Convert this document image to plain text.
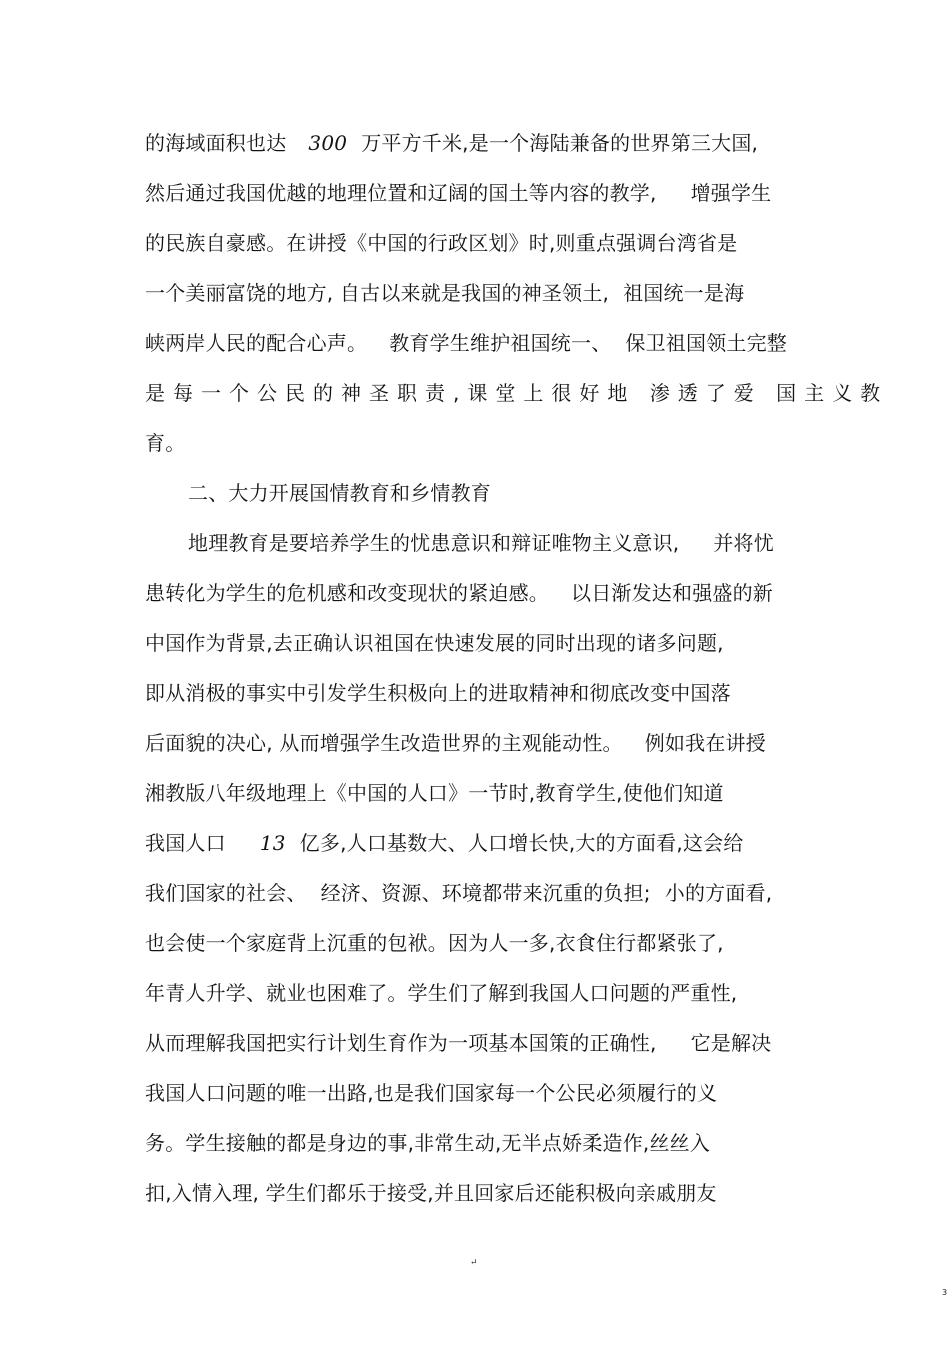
的海域面积也达 300 万平方千米,是一个海陆兼备的世界第三大国,

然后通过我国优越的地理位置和辽阔的国土等内容的教学, 增强学生

的民族自豪感。在讲授《中国的行政区划》时,则重点强调台湾省是

一个美丽富饶的地方, 自古以来就是我国的神圣领土, 祖国统一是海

峡两岸人民的配合心声。 教育学生维护祖国统一、 保卫祖国领土完整

是每一个公民的神圣职责,课堂上很好地 渗透了爱 国主义教

育。

二、大力开展国情教育和乡情教育

地理教育是要培养学生的忧患意识和辩证唯物主义意识, 并将忧

患转化为学生的危机感和改变现状的紧迫感。 以日渐发达和强盛的新

中国作为背景,去正确认识祖国在快速发展的同时出现的诸多问题,

即从消极的事实中引发学生积极向上的进取精神和彻底改变中国落

后面貌的决心, 从而增强学生改造世界的主观能动性。 例如我在讲授

湘教版八年级地理上《中国的人口》一节时,教育学生,使他们知道

我国人口 13 亿多,人口基数大、人口增长快,大的方面看,这会给

我们国家的社会、 经济、资源、环境都带来沉重的负担; 小的方面看,

也会使一个家庭背上沉重的包袱。因为人一多,衣食住行都紧张了,

年青人升学、就业也困难了。学生们了解到我国人口问题的严重性,

从而理解我国把实行计划生育作为一项基本国策的正确性, 它是解决

我国人口问题的唯一出路,也是我们国家每一个公民必须履行的义

务。学生接触的都是身边的事,非常生动,无半点娇柔造作,丝丝入

扣,入情入理, 学生们都乐于接受,并且回家后还能积极向亲戚朋友

↵
3
